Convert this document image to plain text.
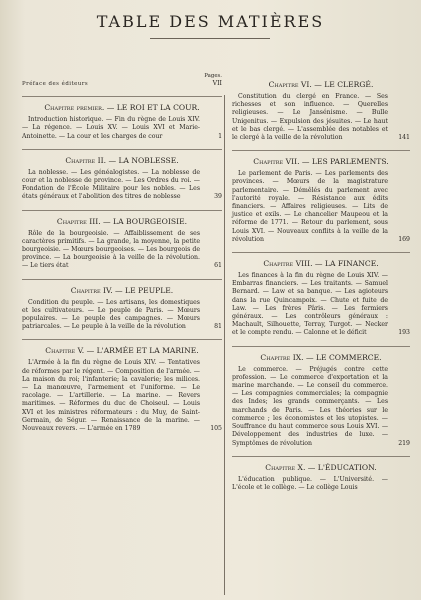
TABLE DES MATIÈRES
Pages.
Préface des éditeurs	VII
Chapitre premier. — LE ROI ET LA COUR.
Introduction historique. — Fin du règne de Louis XIV. — La régence. — Louis XV. — Louis XVI et Marie-Antoinette. — La cour et les charges de cour	1
Chapitre II. — LA NOBLESSE.
La noblesse. — Les généalogistes. — La noblesse de cour et la noblesse de province. — Les Ordres du roi. — Fondation de l'École Militaire pour les nobles. — Les états généraux et l'abolition des titres de noblesse	39
Chapitre III. — LA BOURGEOISIE.
Rôle de la bourgeoisie. — Affaiblissement de ses caractères primitifs. — La grande, la moyenne, la petite bourgeoisie. — Mœurs bourgeoises. — Les bourgeois de province. — La bourgeoisie à la veille de la révolution. — Le tiers état	61
Chapitre IV. — LE PEUPLE.
Condition du peuple. — Les artisans, les domestiques et les cultivateurs. — Le peuple de Paris. — Mœurs populaires. — Le peuple des campagnes. — Mœurs patriarcales. — Le peuple à la veille de la révolution	81
Chapitre V. — L'ARMÉE ET LA MARINE.
L'Armée à la fin du règne de Louis XIV. — Tentatives de réformes par le régent. — Composition de l'armée. — La maison du roi; l'infanterie; la cavalerie; les milices. — La manœuvre, l'armement et l'uniforme. — Le racolage. — L'artillerie. — La marine. — Revers maritimes. — Réformes du duc de Choiseul. — Louis XVI et les ministres réformateurs : du Muy, de Saint-Germain, de Ségur. — Renaissance de la marine. — Nouveaux revers. — L'armée en 1789	105
Chapitre VI. — LE CLERGÉ.
Constitution du clergé en France. — Ses richesses et son influence. — Querelles religieuses. — Le Jansénisme. — Bulle Unigenitus. — Expulsion des jésuites. — Le haut et le bas clergé. — L'assemblée des notables et le clergé à la veille de la révolution	141
Chapitre VII. — LES PARLEMENTS.
Le parlement de Paris. — Les parlements des provinces. — Mœurs de la magistrature parlementaire. — Démêlés du parlement avec l'autorité royale. — Résistance aux édits financiers. — Affaires religieuses. — Lits de justice et exils. — Le chancelier Maupeou et la réforme de 1771. — Retour du parlement, sous Louis XVI. — Nouveaux conflits à la veille de la révolution	169
Chapitre VIII. — LA FINANCE.
Les finances à la fin du règne de Louis XIV. — Embarras financiers. — Les traitants. — Samuel Bernard. — Law et sa banque. — Les agioteurs dans la rue Quincampoix. — Chute et fuite de Law. — Les frères Pâris. — Les fermiers généraux. — Les contrôleurs généraux : Machault, Silhouette, Terray, Turgot. — Necker et le compte rendu. — Calonne et le déficit	193
Chapitre IX. — LE COMMERCE.
Le commerce. — Préjugés contre cette profession. — Le commerce d'exportation et la marine marchande. — Le conseil du commerce. — Les compagnies commerciales; la compagnie des Indes; les grands commerçants. — Les marchands de Paris. — Les théories sur le commerce ; les économistes et les utopistes. — Souffrance du haut commerce sous Louis XVI. — Développement des industries de luxe. — Symptômes de révolution	219
Chapitre X. — L'ÉDUCATION.
L'éducation publique. — L'Université. — L'école et le collège. — Le collège Louis
